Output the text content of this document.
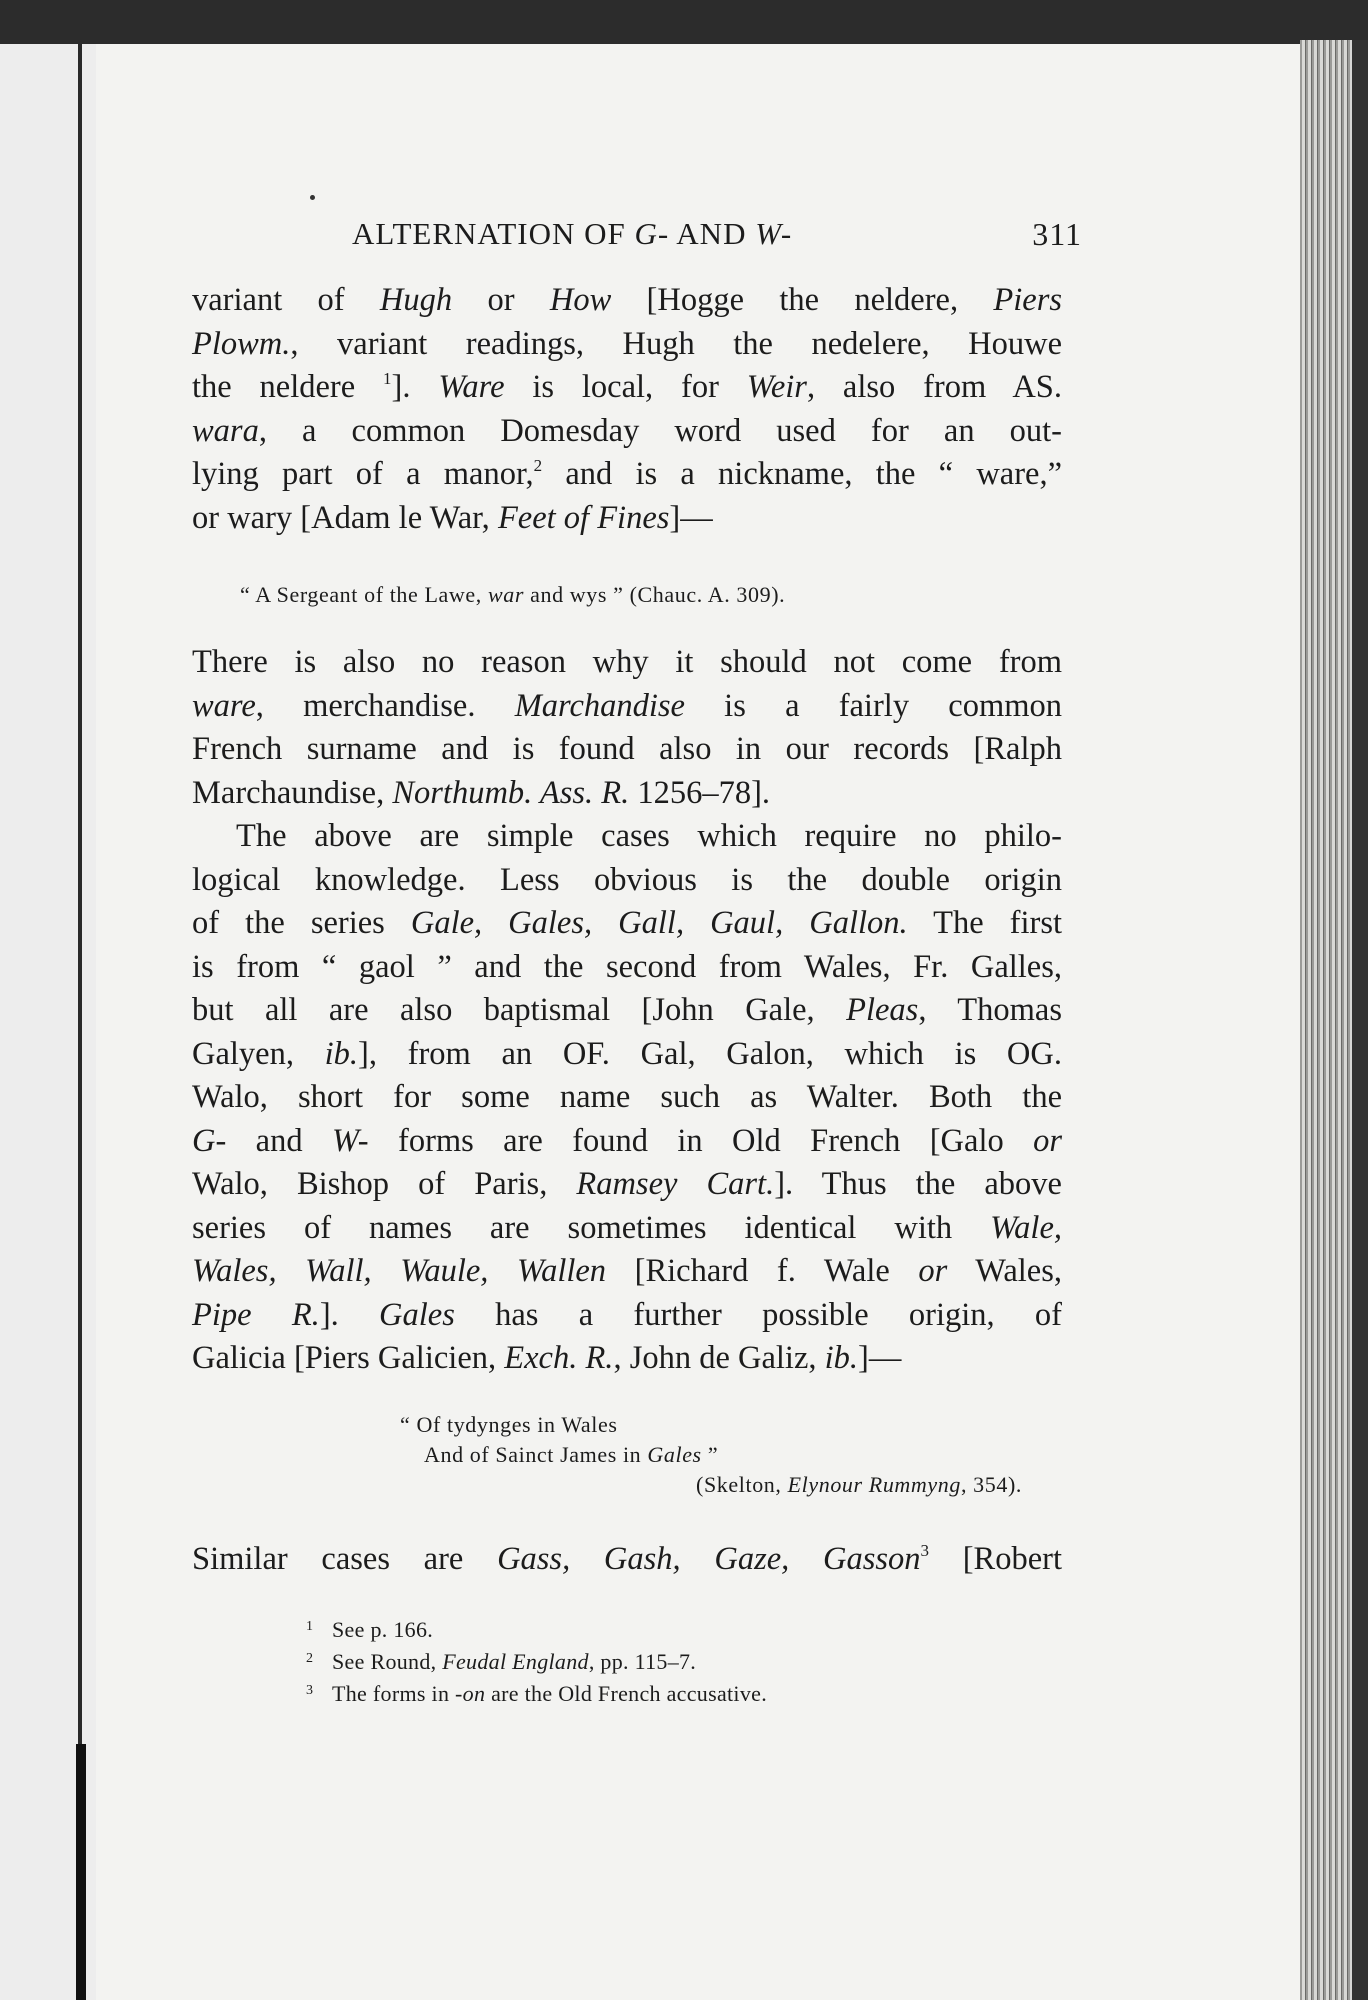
ALTERNATION OF G- AND W-	311
variant of Hugh or How [Hogge the neldere, Piers
Plowm., variant readings, Hugh the nedelere, Houwe
the neldere $^1$]. Ware is local, for Weir, also from AS.
wara, a common Domesday word used for an out-
lying part of a manor,$^2$ and is a nickname, the “ ware,”
or wary [Adam le War, Feet of Fines]—
“ A Sergeant of the Lawe, war and wys ” (Chauc. A. 309).
There is also no reason why it should not come from
ware, merchandise. Marchandise is a fairly common
French surname and is found also in our records [Ralph
Marchaundise, Northumb. Ass. R. 1256–78].
The above are simple cases which require no philo-
logical knowledge. Less obvious is the double origin
of the series Gale, Gales, Gall, Gaul, Gallon. The first
is from “ gaol ” and the second from Wales, Fr. Galles,
but all are also baptismal [John Gale, Pleas, Thomas
Galyen, ib.], from an OF. Gal, Galon, which is OG.
Walo, short for some name such as Walter. Both the
G- and W- forms are found in Old French [Galo or
Walo, Bishop of Paris, Ramsey Cart.]. Thus the above
series of names are sometimes identical with Wale,
Wales, Wall, Waule, Wallen [Richard f. Wale or Wales,
Pipe R.]. Gales has a further possible origin, of
Galicia [Piers Galicien, Exch. R., John de Galiz, ib.]—
“ Of tydynges in Wales
And of Sainct James in Gales ”
(Skelton, Elynour Rummyng, 354).
Similar cases are Gass, Gash, Gaze, Gasson$^3$ [Robert
1 See p. 166.
2 See Round, Feudal England, pp. 115–7.
3 The forms in -on are the Old French accusative.
